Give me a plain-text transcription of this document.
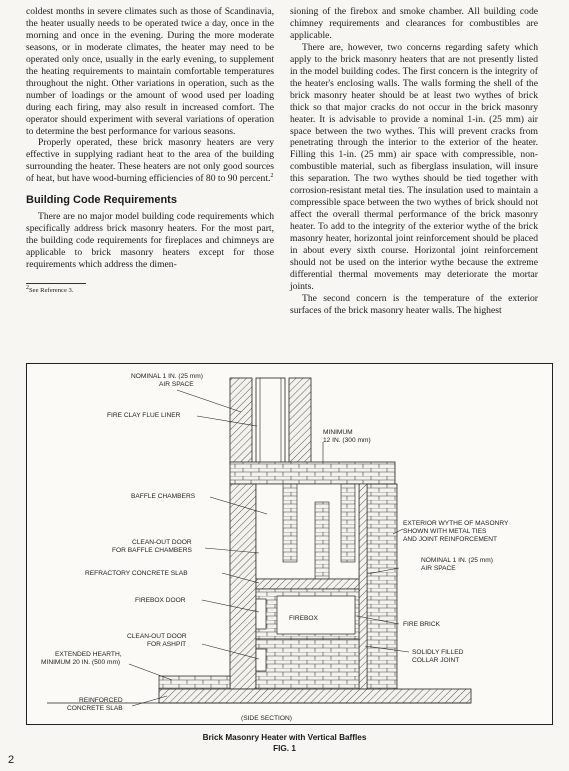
coldest months in severe climates such as those of Scandinavia, the heater usually needs to be operated twice a day, once in the morning and once in the evening. During the more moderate seasons, or in moderate climates, the heater may need to be operated only once, usually in the early evening, to supplement the heating requirements to maintain comfortable temperatures throughout the night. Other variations in operation, such as the number of loadings or the amount of wood used per loading during each firing, may also result in increased comfort. The operator should experiment with several variations of operation to determine the best performance for various seasons.

Properly operated, these brick masonry heaters are very effective in supplying radiant heat to the area of the building surrounding the heater. These heaters are not only good sources of heat, but have wood-burning efficiencies of 80 to 90 percent.$^2$

Building Code Requirements

There are no major model building code requirements which specifically address brick masonry heaters. For the most part, the building code requirements for fireplaces and chimneys are applicable to brick masonry heaters except for those requirements which address the dimen-

$^2$See Reference 3.

sioning of the firebox and smoke chamber. All building code chimney requirements and clearances for combustibles are applicable.

There are, however, two concerns regarding safety which apply to the brick masonry heaters that are not presently listed in the model building codes. The first concern is the integrity of the heater's enclosing walls. The walls forming the shell of the brick masonry heater should be at least two wythes of brick thick so that major cracks do not occur in the brick masonry heater. It is advisable to provide a nominal 1-in. (25 mm) air space between the two wythes. This will prevent cracks from penetrating through the interior to the exterior of the heater. Filling this 1-in. (25 mm) air space with compressible, non-combustible material, such as fiberglass insulation, will insure this separation. The two wythes should be tied together with corrosion-resistant metal ties. The insulation used to maintain a compressible space between the two wythes of brick should not affect the overall thermal performance of the brick masonry heater. To add to the integrity of the exterior wythe of the brick masonry heater, horizontal joint reinforcement should be placed in about every sixth course. Horizontal joint reinforcement should not be used on the interior wythe because the extreme differential thermal movements may deteriorate the mortar joints.

The second concern is the temperature of the exterior surfaces of the brick masonry heater walls. The highest

NOMINAL 1 IN. (25 mm)
AIR SPACE
FIRE CLAY FLUE LINER
MINIMUM
12 IN. (300 mm)
BAFFLE CHAMBERS
EXTERIOR WYTHE OF MASONRY
SHOWN WITH METAL TIES
AND JOINT REINFORCEMENT
CLEAN-OUT DOOR
FOR BAFFLE CHAMBERS
NOMINAL 1 IN. (25 mm)
AIR SPACE
REFRACTORY CONCRETE SLAB
FIREBOX DOOR
FIREBOX
FIRE BRICK
CLEAN-OUT DOOR
FOR ASHPIT
SOLIDLY FILLED
COLLAR JOINT
EXTENDED HEARTH,
MINIMUM 20 IN. (500 mm)
REINFORCED
CONCRETE SLAB
(SIDE SECTION)
Brick Masonry Heater with Vertical Baffles
FIG. 1
2
